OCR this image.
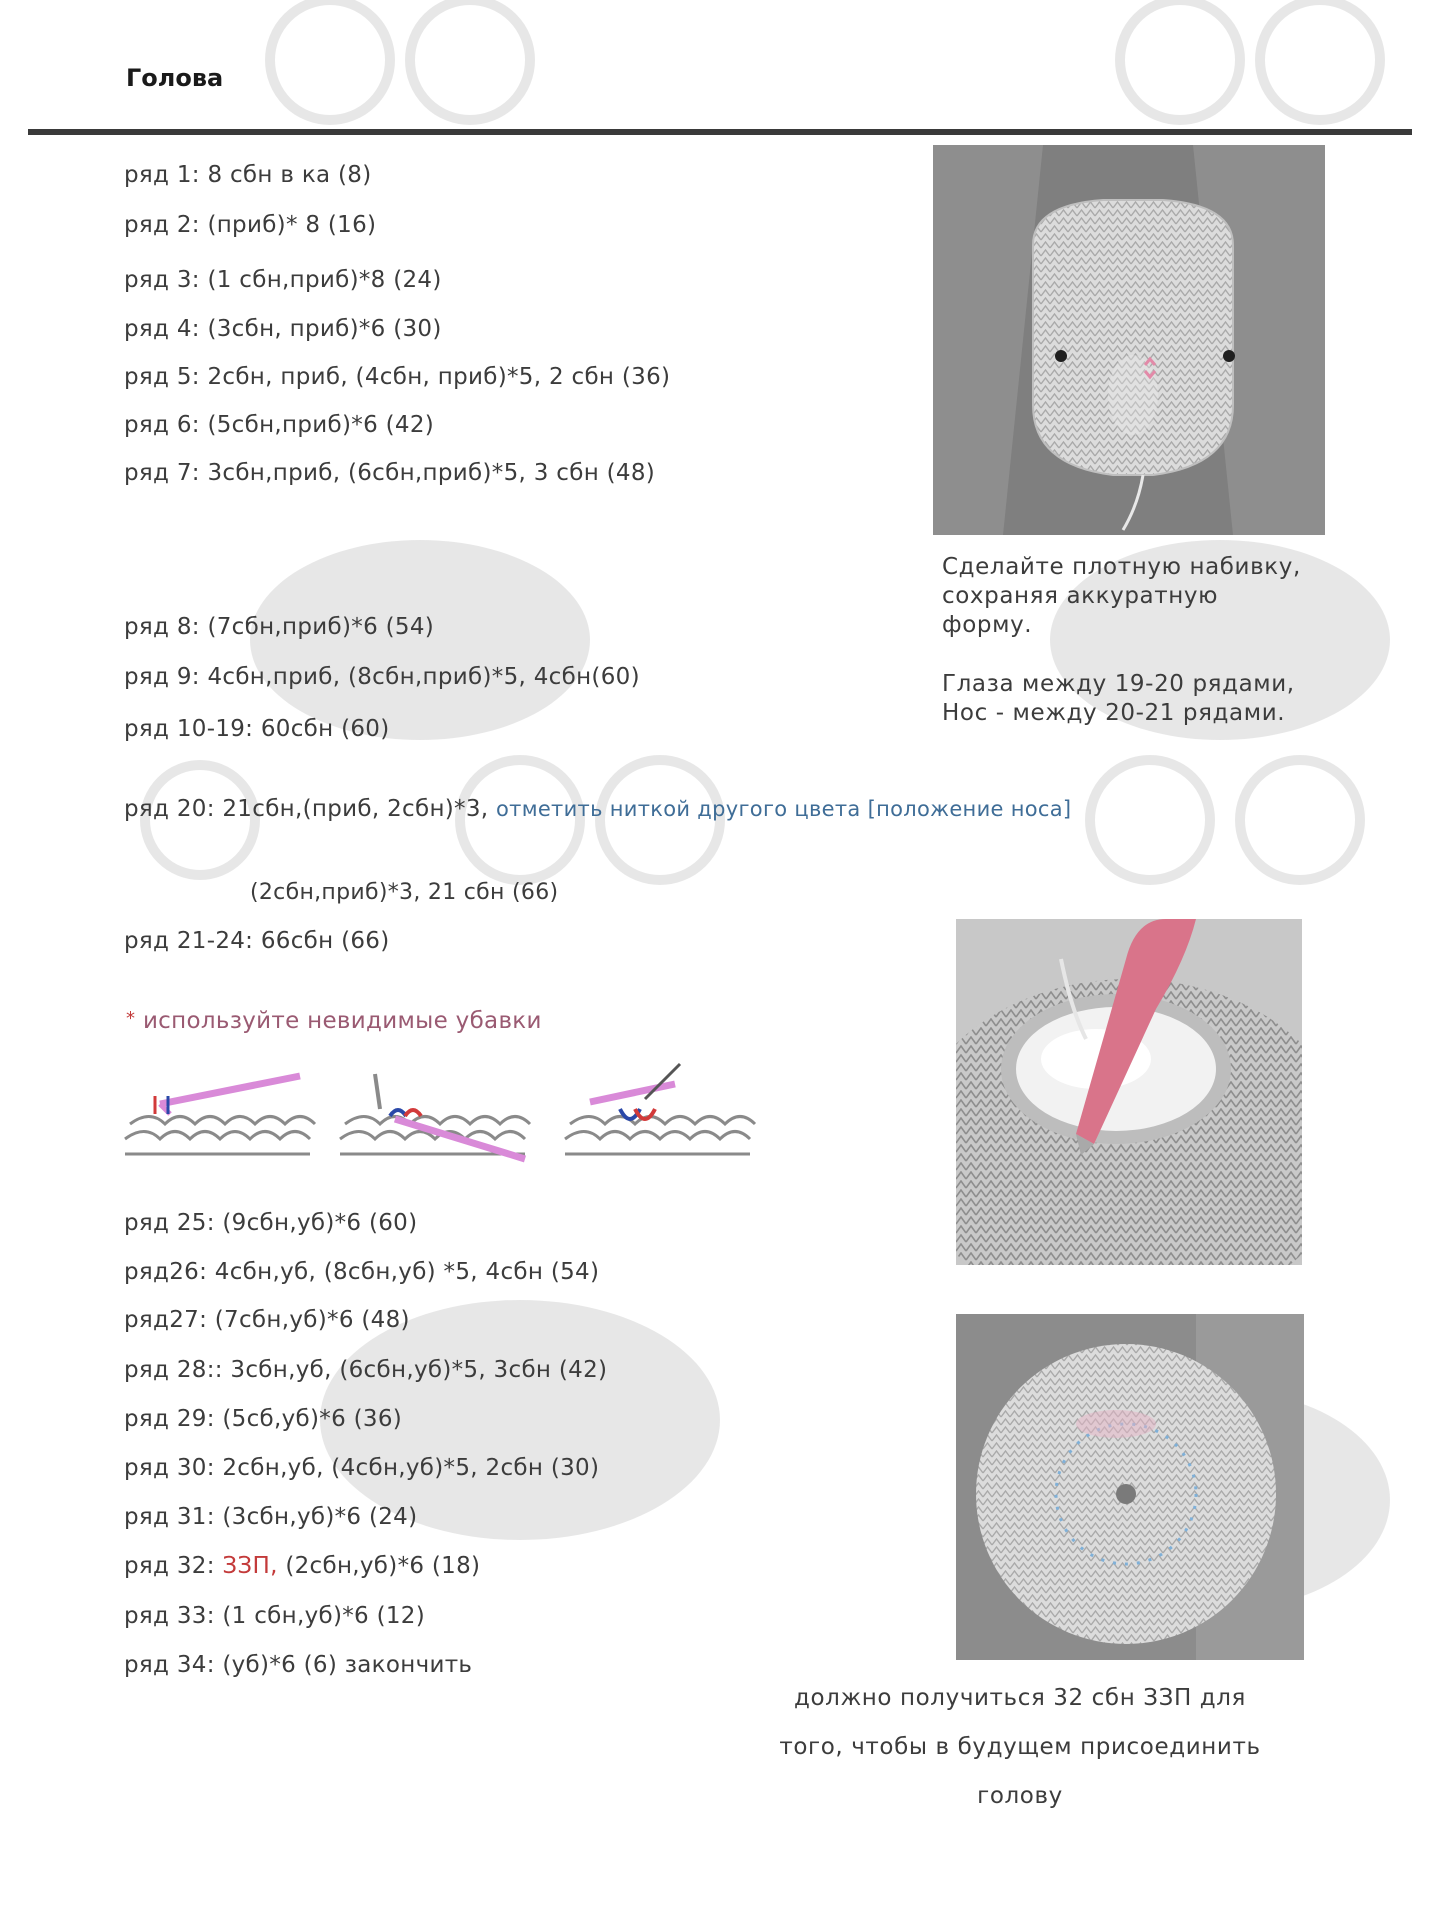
Голова
ряд 1: 8 сбн в ка (8)
ряд 2: (приб)* 8 (16)
ряд 3: (1 сбн,приб)*8 (24)
ряд 4: (3сбн, приб)*6 (30)
ряд 5: 2сбн, приб, (4сбн, приб)*5, 2 сбн (36)
ряд 6: (5сбн,приб)*6 (42)
ряд 7: 3сбн,приб, (6сбн,приб)*5, 3 сбн (48)
Сделайте плотную набивку,
сохраняя аккуратную
форму.
Глаза между 19-20 рядами,
Нос - между 20-21 рядами.
ряд 8: (7сбн,приб)*6 (54)
ряд 9: 4сбн,приб, (8сбн,приб)*5, 4сбн(60)
ряд 10-19: 60сбн (60)
ряд 20: 21сбн,(приб, 2сбн)*3, отметить ниткой другого цвета [положение носа]
(2сбн,приб)*3, 21 сбн (66)
ряд 21-24: 66сбн (66)
* используйте невидимые убавки
ряд 25: (9сбн,уб)*6 (60)
ряд26: 4сбн,уб, (8сбн,уб) *5, 4сбн (54)
ряд27: (7сбн,уб)*6 (48)
ряд 28:: 3сбн,уб, (6сбн,уб)*5, 3сбн (42)
ряд 29: (5сб,уб)*6 (36)
ряд 30: 2сбн,уб, (4сбн,уб)*5, 2сбн (30)
ряд 31: (3сбн,уб)*6 (24)
ряд 32: ЗЗП, (2сбн,уб)*6 (18)
ряд 33: (1 сбн,уб)*6 (12)
ряд 34: (уб)*6 (6) закончить
должно получиться 32 сбн ЗЗП для
того, чтобы в будущем присоединить
голову
